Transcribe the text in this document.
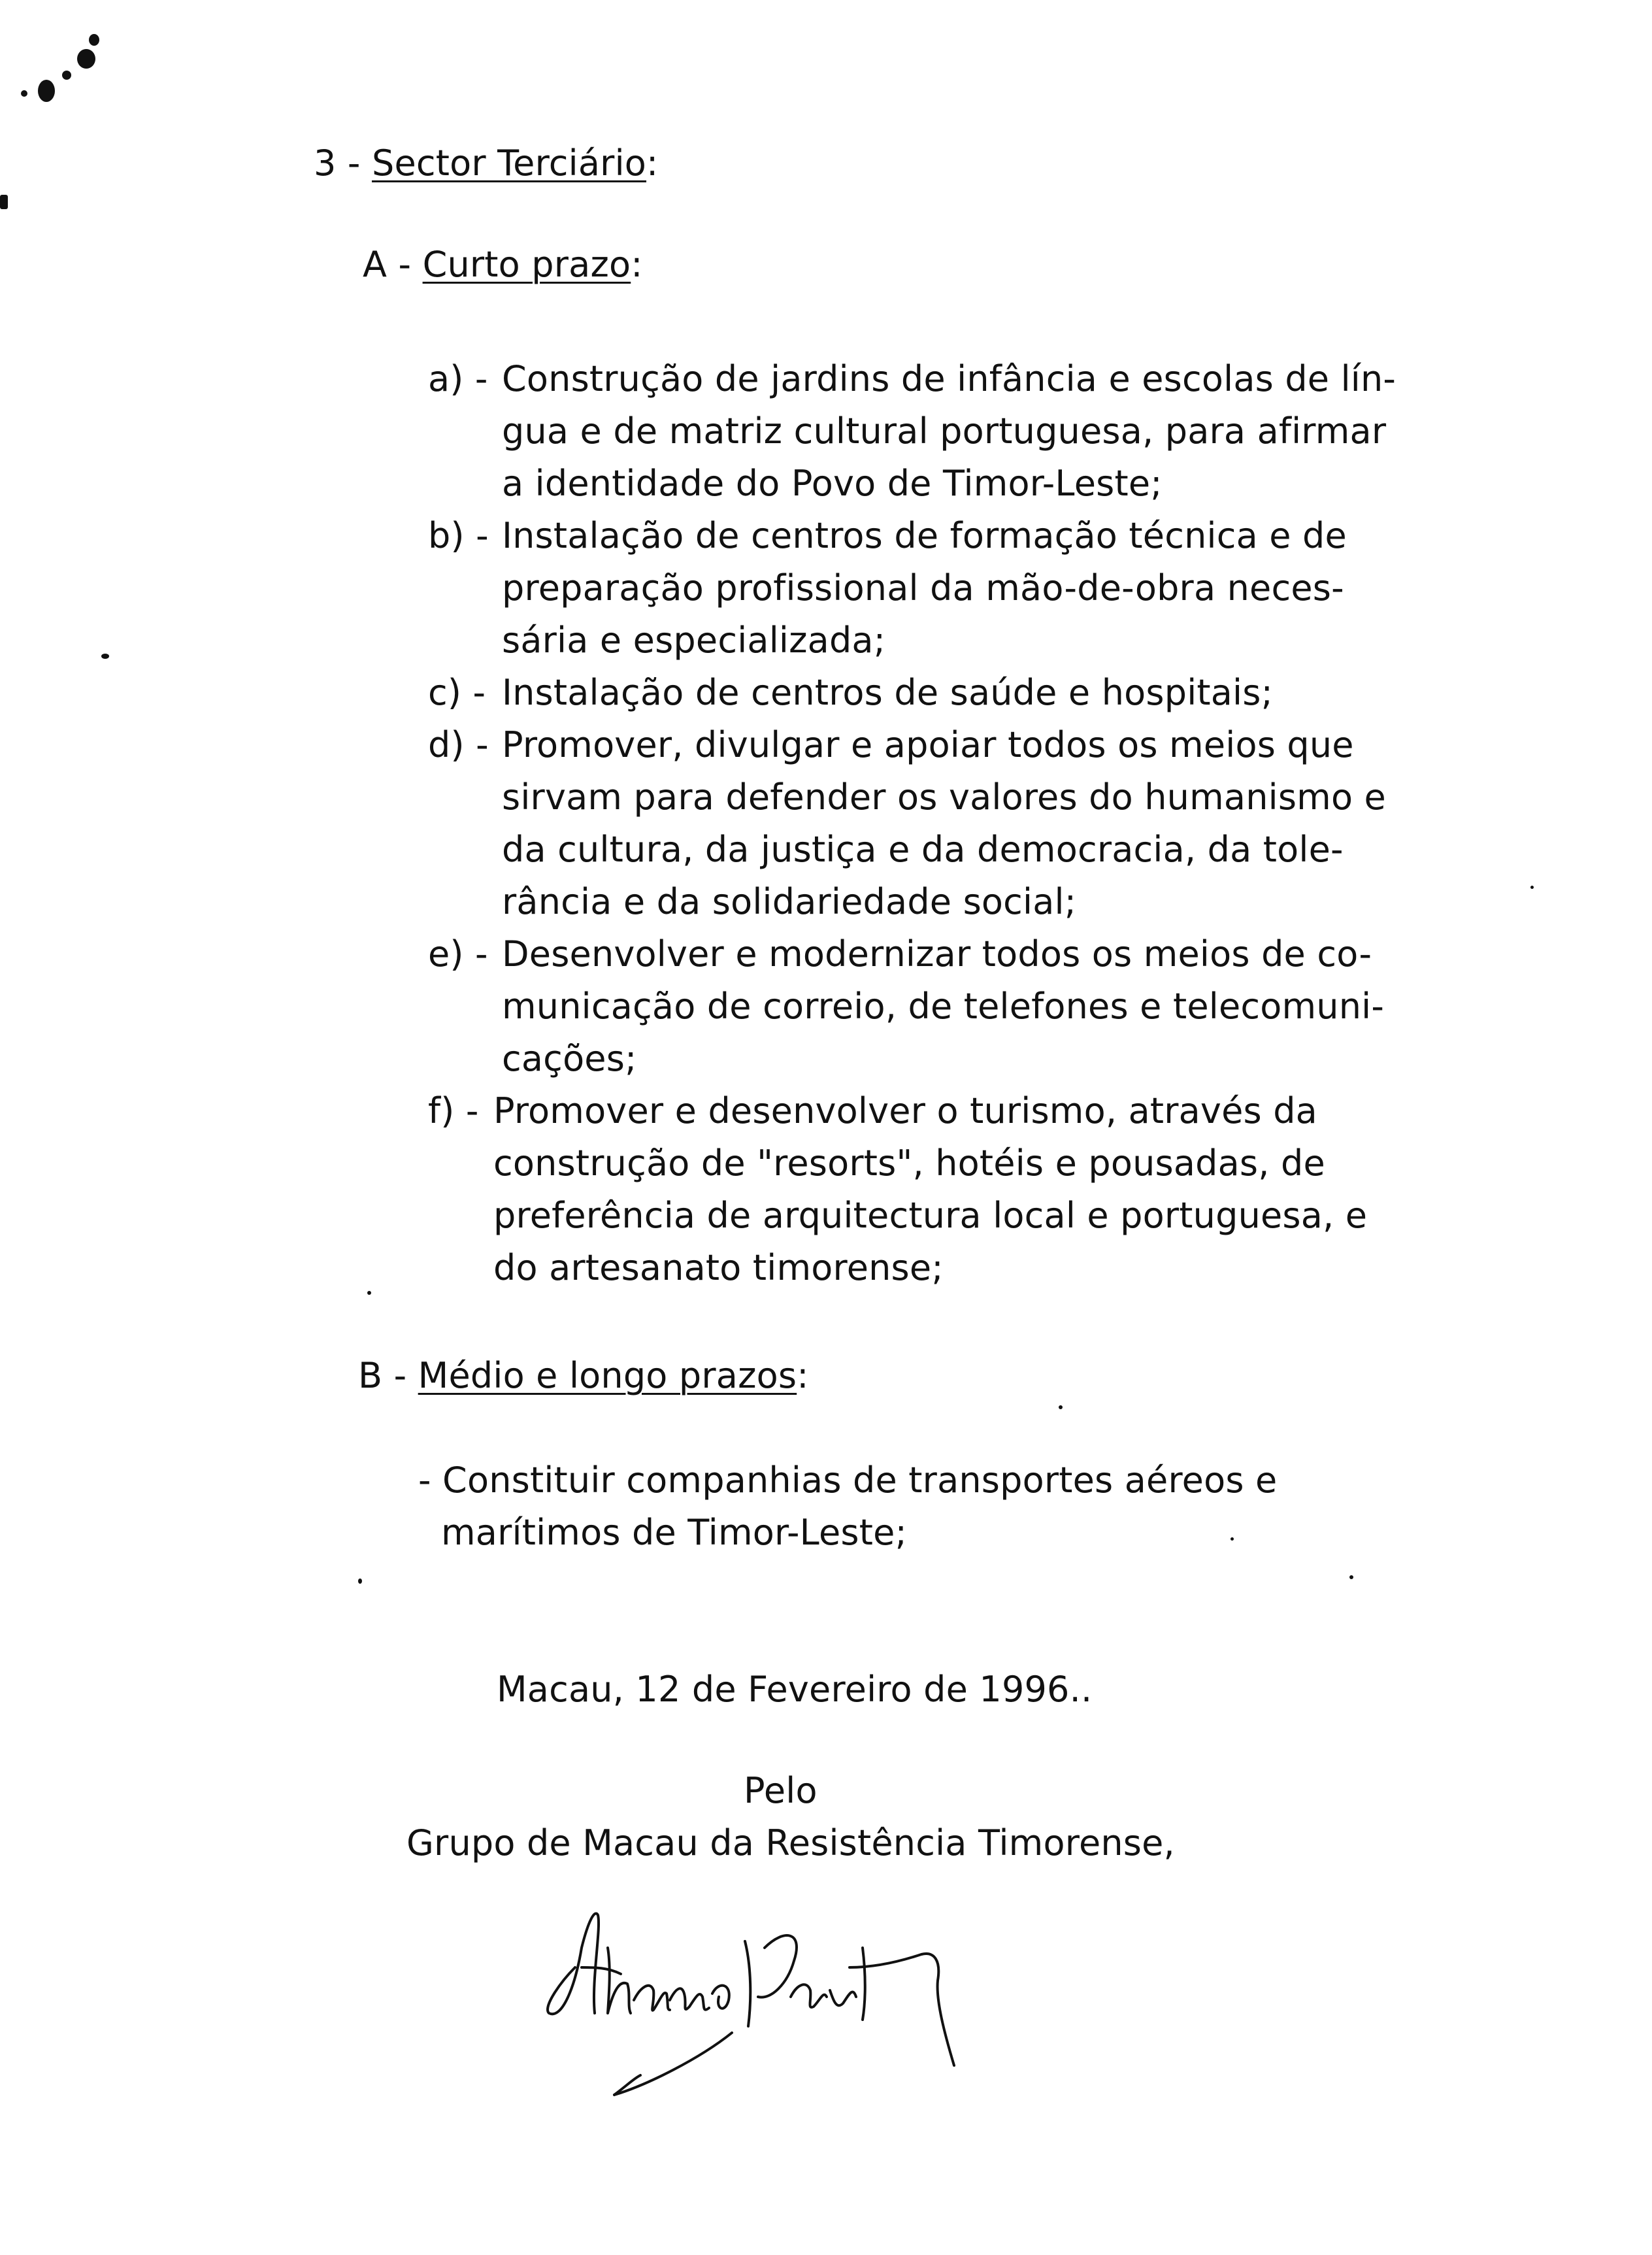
3 - Sector Terciário:
A - Curto prazo:
a) - Construção de jardins de infância e escolas de lín-
gua e de matriz cultural portuguesa, para afirmar
a identidade do Povo de Timor-Leste;
b) - Instalação de centros de formação técnica e de
preparação profissional da mão-de-obra neces-
sária e especializada;
c) - Instalação de centros de saúde e hospitais;
d) - Promover, divulgar e apoiar todos os meios que
sirvam para defender os valores do humanismo e
da cultura, da justiça e da democracia, da tole-
rância e da solidariedade social;
e) - Desenvolver e modernizar todos os meios de co-
municação de correio, de telefones e telecomuni-
cações;
f) - Promover e desenvolver o turismo, através da
construção de "resorts", hotéis e pousadas, de
preferência de arquitectura local e portuguesa, e
do artesanato timorense;
B - Médio e longo prazos:
- Constituir companhias de transportes aéreos e
marítimos de Timor-Leste;
Macau, 12 de Fevereiro de 1996..
Pelo
Grupo de Macau da Resistência Timorense,
